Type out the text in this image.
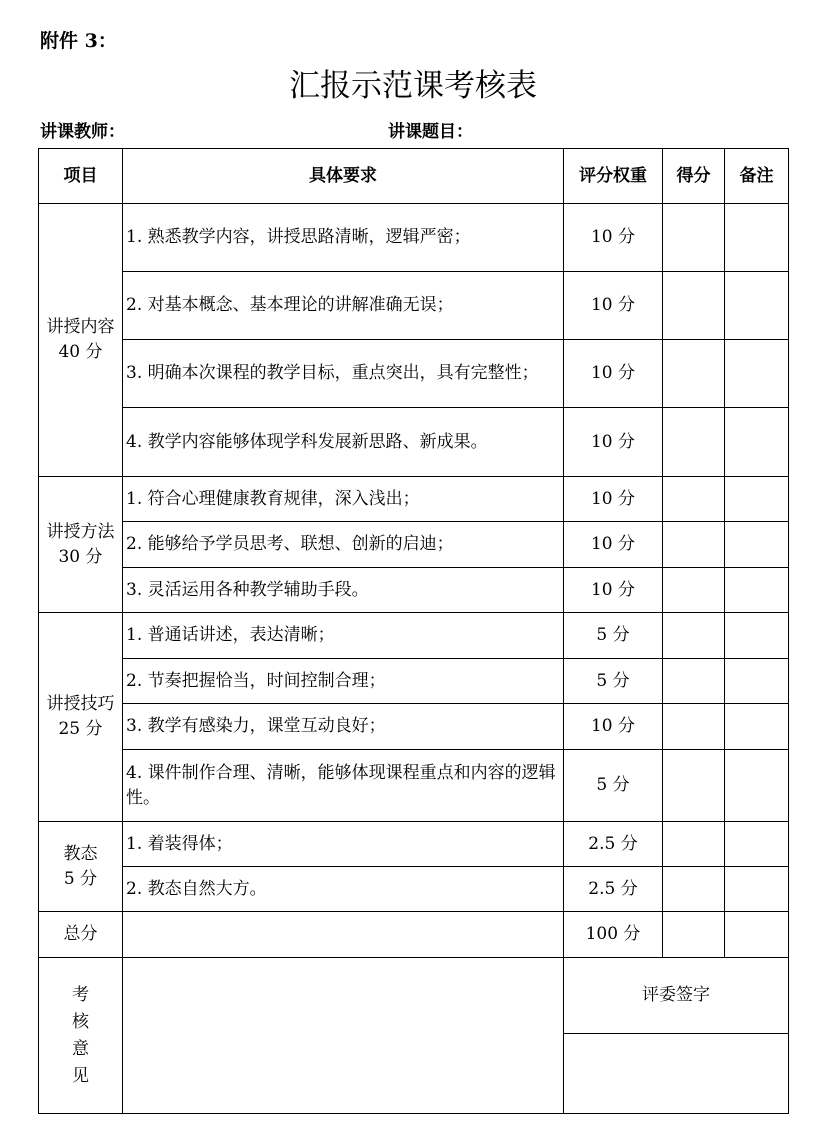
附件 3：
汇报示范课考核表
讲课教师：	讲课题目：
项目	具体要求	评分权重	得分	备注

讲授内容
40 分	1. 熟悉教学内容，讲授思路清晰，逻辑严密；	10 分		
	2. 对基本概念、基本理论的讲解准确无误；	10 分		
	3. 明确本次课程的教学目标，重点突出，具有完整性；	10 分		
	4. 教学内容能够体现学科发展新思路、新成果。	10 分		

讲授方法
30 分	1. 符合心理健康教育规律，深入浅出；	10 分		
	2. 能够给予学员思考、联想、创新的启迪；	10 分		
	3. 灵活运用各种教学辅助手段。	10 分		

讲授技巧
25 分	1. 普通话讲述，表达清晰；	5 分		
	2. 节奏把握恰当，时间控制合理；	5 分		
	3. 教学有感染力，课堂互动良好；	10 分		
	4. 课件制作合理、清晰，能够体现课程重点和内容的逻辑性。	5 分		

教态
5 分	1. 着装得体；	2.5 分		
	2. 教态自然大方。	2.5 分		
总分		100 分		

考
核
意
见		评委签字		
